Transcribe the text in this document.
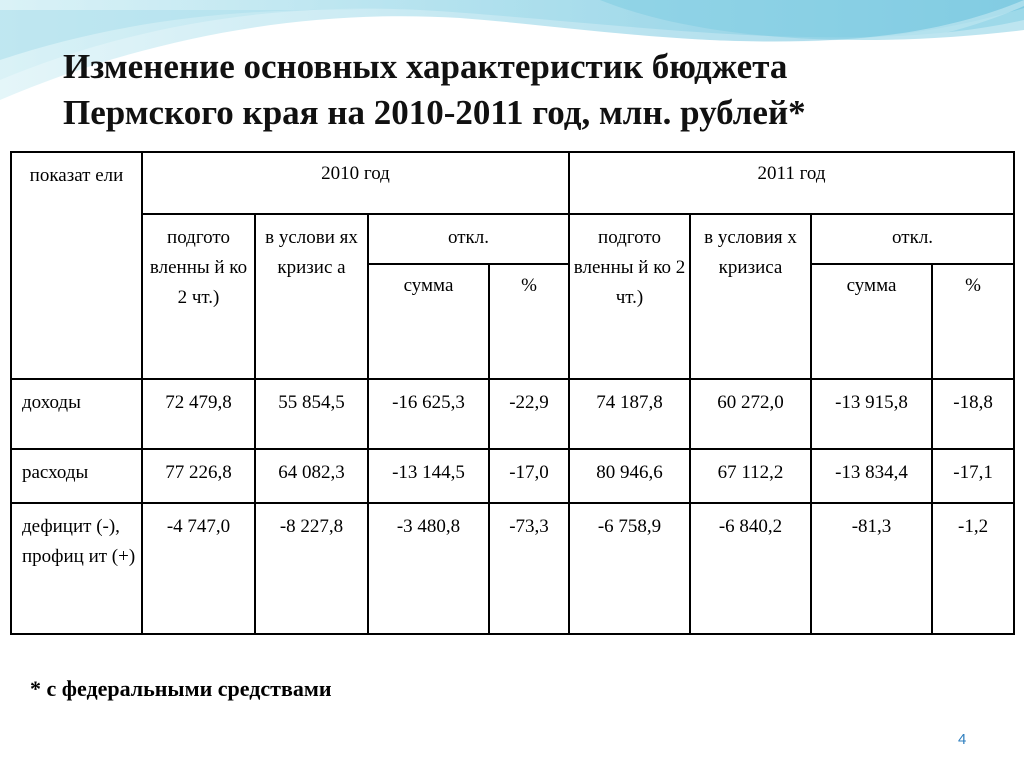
Изменение основных характеристик бюджета
Пермского края на 2010-2011 год, млн. рублей*
показат ели	2010 год				2011 год			
	подгото вленны й ко 2 чт.)	в услови ях кризис а	откл.		подгото вленны й ко 2 чт.)	в условия х кризиса	откл.	
			сумма	%			сумма	%
доходы	72 479,8	55 854,5	-16 625,3	-22,9	74 187,8	60 272,0	-13 915,8	-18,8
расходы	77 226,8	64 082,3	-13 144,5	-17,0	80 946,6	67 112,2	-13 834,4	-17,1
дефицит (-), профиц ит (+)	-4 747,0	-8 227,8	-3 480,8	-73,3	-6 758,9	-6 840,2	-81,3	-1,2
* с федеральными средствами
4
